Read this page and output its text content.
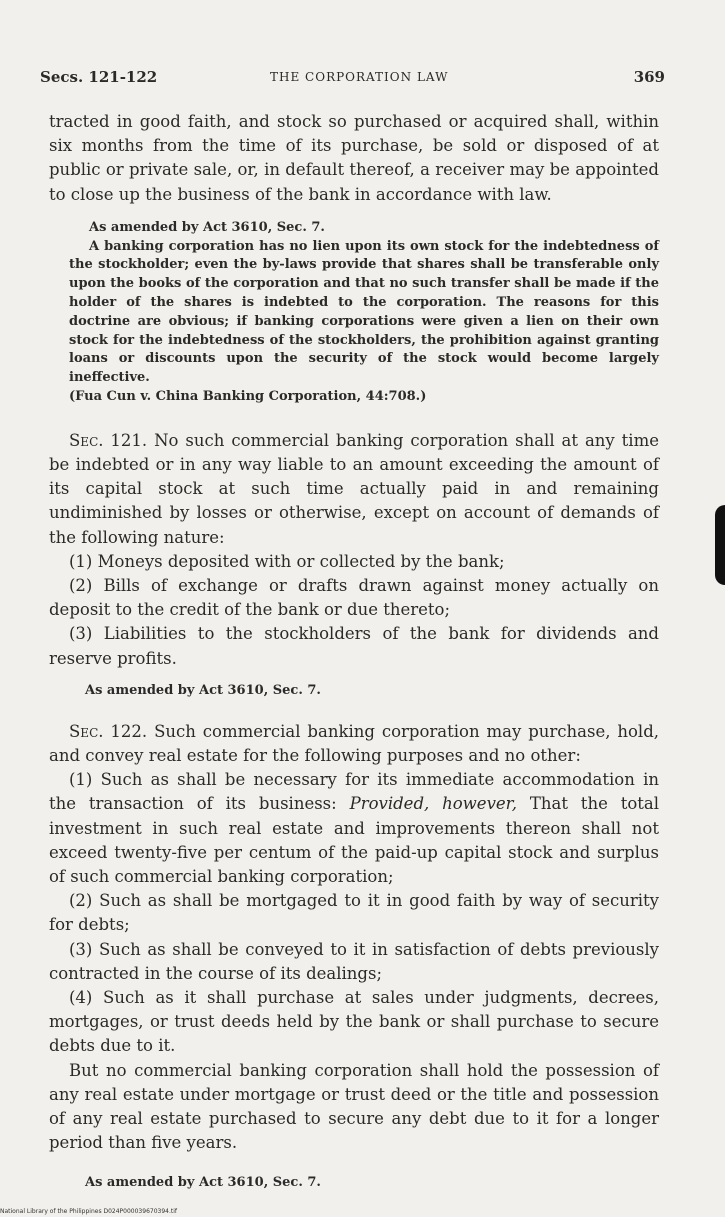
Secs. 121-122	THE CORPORATION LAW	369

tracted in good faith, and stock so purchased or acquired shall, within six months from the time of its purchase, be sold or disposed of at public or private sale, or, in default thereof, a receiver may be appointed to close up the business of the bank in accordance with law.

As amended by Act 3610, Sec. 7.

A banking corporation has no lien upon its own stock for the indebtedness of the stockholder; even the by-laws provide that shares shall be transferable only upon the books of the corporation and that no such transfer shall be made if the holder of the shares is indebted to the corporation. The reasons for this doctrine are obvious; if banking corporations were given a lien on their own stock for the indebtedness of the stockholders, the prohibition against granting loans or discounts upon the security of the stock would become largely ineffective.

(Fua Cun v. China Banking Corporation, 44:708.)

Sec. 121. No such commercial banking corporation shall at any time be indebted or in any way liable to an amount exceeding the amount of its capital stock at such time actually paid in and remaining undiminished by losses or otherwise, except on account of demands of the following nature:

(1) Moneys deposited with or collected by the bank;

(2) Bills of exchange or drafts drawn against money actually on deposit to the credit of the bank or due thereto;

(3) Liabilities to the stockholders of the bank for dividends and reserve profits.

As amended by Act 3610, Sec. 7.

Sec. 122. Such commercial banking corporation may purchase, hold, and convey real estate for the following purposes and no other:

(1) Such as shall be necessary for its immediate accommodation in the transaction of its business: Provided, however, That the total investment in such real estate and improvements thereon shall not exceed twenty-five per centum of the paid-up capital stock and surplus of such commercial banking corporation;

(2) Such as shall be mortgaged to it in good faith by way of security for debts;

(3) Such as shall be conveyed to it in satisfaction of debts previously contracted in the course of its dealings;

(4) Such as it shall purchase at sales under judgments, decrees, mortgages, or trust deeds held by the bank or shall purchase to secure debts due to it.

But no commercial banking corporation shall hold the possession of any real estate under mortgage or trust deed or the title and possession of any real estate purchased to secure any debt due to it for a longer period than five years.

As amended by Act 3610, Sec. 7.

National Library of the Philippines D024P000039670394.tif
